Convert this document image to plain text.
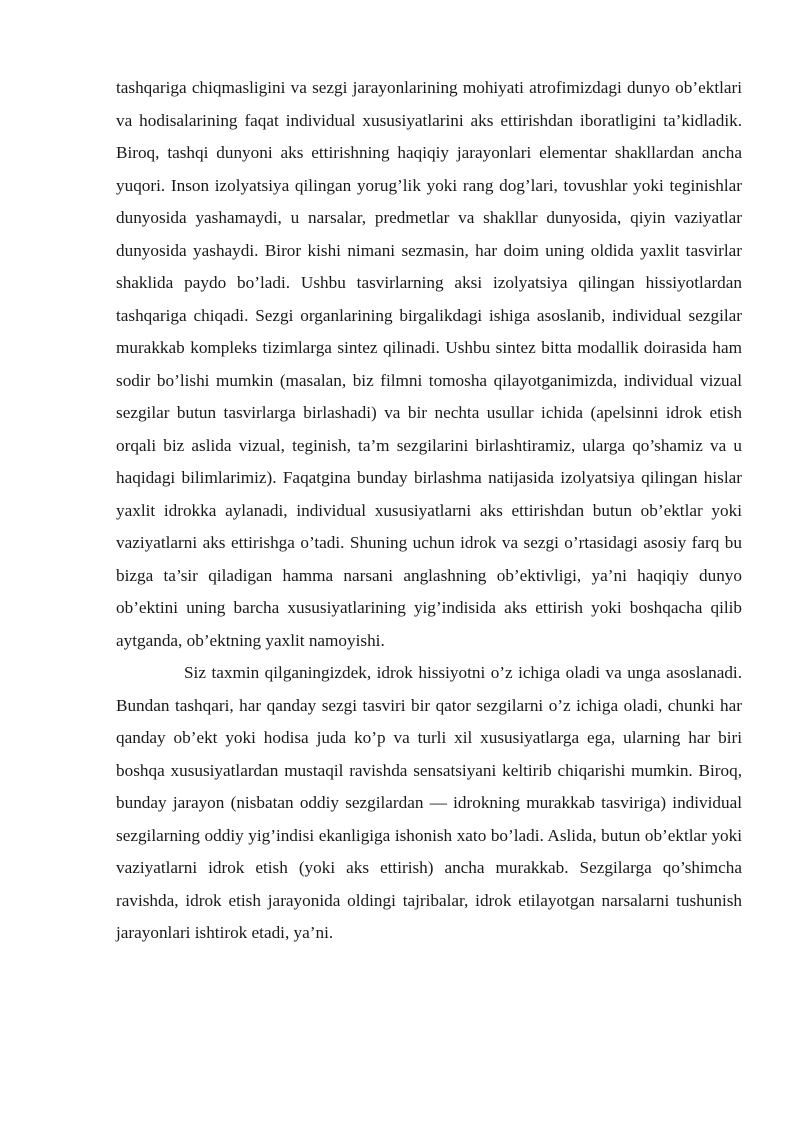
tashqariga chiqmasligini va sezgi jarayonlarining mohiyati atrofimizdagi dunyo ob’ektlari va hodisalarining faqat individual xususiyatlarini aks ettirishdan iboratligini ta’kidladik. Biroq, tashqi dunyoni aks ettirishning haqiqiy jarayonlari elementar shakllardan ancha yuqori. Inson izolyatsiya qilingan yorug’lik yoki rang dog’lari, tovushlar yoki teginishlar dunyosida yashamaydi, u narsalar, predmetlar va shakllar dunyosida, qiyin vaziyatlar dunyosida yashaydi. Biror kishi nimani sezmasin, har doim uning oldida yaxlit tasvirlar shaklida paydo bo’ladi. Ushbu tasvirlarning aksi izolyatsiya qilingan hissiyotlardan tashqariga chiqadi. Sezgi organlarining birgalikdagi ishiga asoslanib, individual sezgilar murakkab kompleks tizimlarga sintez qilinadi. Ushbu sintez bitta modallik doirasida ham sodir bo’lishi mumkin (masalan, biz filmni tomosha qilayotganimizda, individual vizual sezgilar butun tasvirlarga birlashadi) va bir nechta usullar ichida (apelsinni idrok etish orqali biz aslida vizual, teginish, ta’m sezgilarini birlashtiramiz, ularga qo’shamiz va u haqidagi bilimlarimiz). Faqatgina bunday birlashma natijasida izolyatsiya qilingan hislar yaxlit idrokka aylanadi, individual xususiyatlarni aks ettirishdan butun ob’ektlar yoki vaziyatlarni aks ettirishga o’tadi. Shuning uchun idrok va sezgi o’rtasidagi asosiy farq bu bizga ta’sir qiladigan hamma narsani anglashning ob’ektivligi, ya’ni haqiqiy dunyo ob’ektini uning barcha xususiyatlarining yig’indisida aks ettirish yoki boshqacha qilib aytganda, ob’ektning yaxlit namoyishi.

Siz taxmin qilganingizdek, idrok hissiyotni o’z ichiga oladi va unga asoslanadi. Bundan tashqari, har qanday sezgi tasviri bir qator sezgilarni o’z ichiga oladi, chunki har qanday ob’ekt yoki hodisa juda ko’p va turli xil xususiyatlarga ega, ularning har biri boshqa xususiyatlardan mustaqil ravishda sensatsiyani keltirib chiqarishi mumkin. Biroq, bunday jarayon (nisbatan oddiy sezgilardan — idrokning murakkab tasviriga) individual sezgilarning oddiy yig’indisi ekanligiga ishonish xato bo’ladi. Aslida, butun ob’ektlar yoki vaziyatlarni idrok etish (yoki aks ettirish) ancha murakkab. Sezgilarga qo’shimcha ravishda, idrok etish jarayonida oldingi tajribalar, idrok etilayotgan narsalarni tushunish jarayonlari ishtirok etadi, ya’ni.
